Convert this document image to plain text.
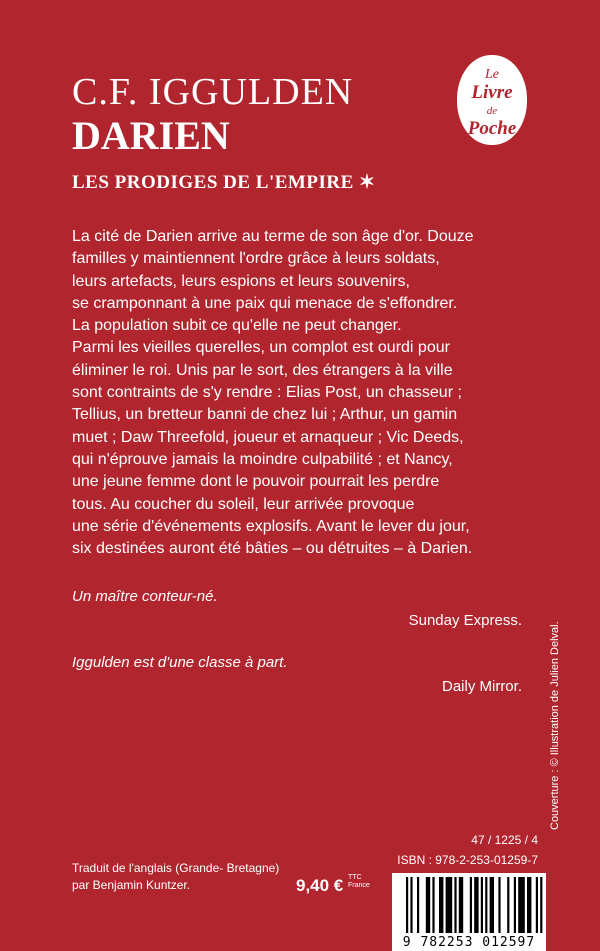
C.F. IGGULDEN
DARIEN
LES PRODIGES DE L'EMPIRE ✶
Le
Livre
de
Poche

La cité de Darien arrive au terme de son âge d'or. Douze

familles y maintiennent l'ordre grâce à leurs soldats,

leurs artefacts, leurs espions et leurs souvenirs,

se cramponnant à une paix qui menace de s'effondrer.

La population subit ce qu'elle ne peut changer.

Parmi les vieilles querelles, un complot est ourdi pour

éliminer le roi. Unis par le sort, des étrangers à la ville

sont contraints de s'y rendre : Elias Post, un chasseur ;

Tellius, un bretteur banni de chez lui ; Arthur, un gamin

muet ; Daw Threefold, joueur et arnaqueur ; Vic Deeds,

qui n'éprouve jamais la moindre culpabilité ; et Nancy,

une jeune femme dont le pouvoir pourrait les perdre

tous. Au coucher du soleil, leur arrivée provoque

une série d'événements explosifs. Avant le lever du jour,

six destinées auront été bâties – ou détruites – à Darien.

Un maître conteur-né.

Sunday Express.

Iggulden est d'une classe à part.

Daily Mirror. Couverture : © Illustration de Julien Delval.

47 / 1225 / 4

ISBN : 978-2-253-01259-7

Traduit de l'anglais (Grande- Bretagne)
par Benjamin Kuntzer.	9,40 € TTC
France
9 782253 012597
